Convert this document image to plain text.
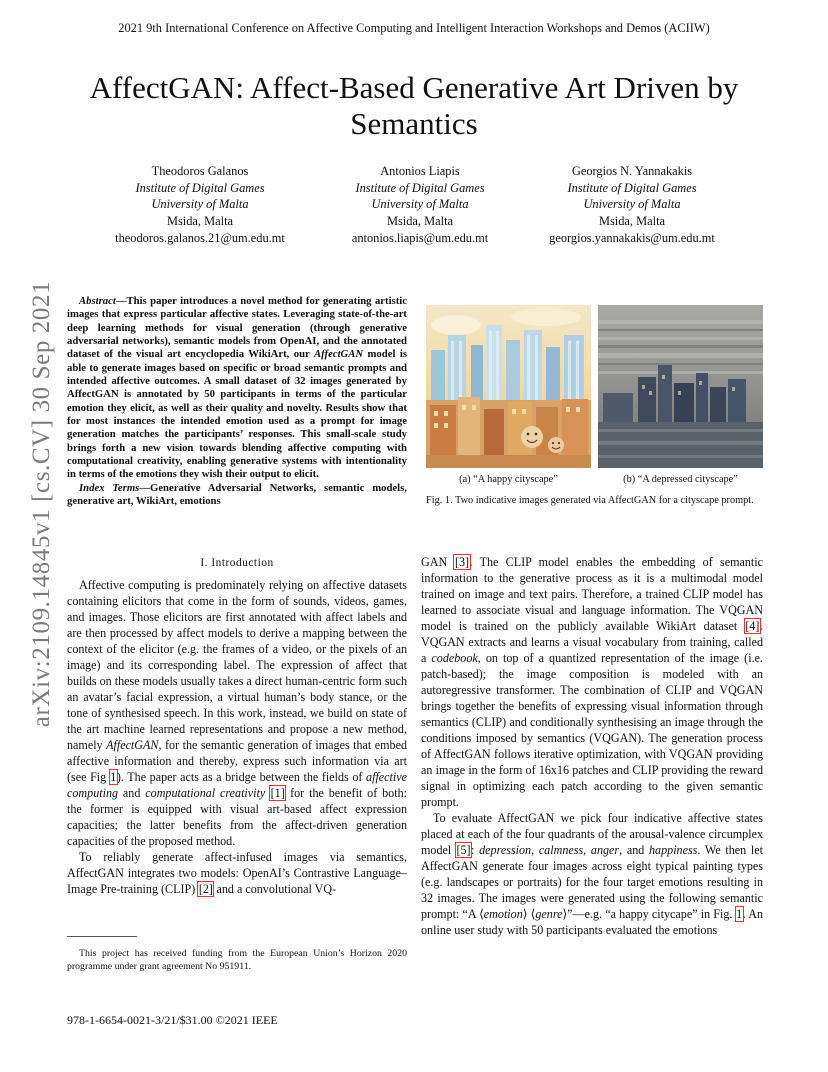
2021 9th International Conference on Affective Computing and Intelligent Interaction Workshops and Demos (ACIIW)
AffectGAN: Affect-Based Generative Art Driven by Semantics
Theodoros Galanos
Institute of Digital Games
University of Malta
Msida, Malta
theodoros.galanos.21@um.edu.mt
Antonios Liapis
Institute of Digital Games
University of Malta
Msida, Malta
antonios.liapis@um.edu.mt
Georgios N. Yannakakis
Institute of Digital Games
University of Malta
Msida, Malta
georgios.yannakakis@um.edu.mt
arXiv:2109.14845v1 [cs.CV] 30 Sep 2021	Abstract—This paper introduces a novel method for generating artistic images that express particular affective states. Leveraging state-of-the-art deep learning methods for visual generation (through generative adversarial networks), semantic models from OpenAI, and the annotated dataset of the visual art encyclopedia WikiArt, our AffectGAN model is able to generate images based on specific or broad semantic prompts and intended affective outcomes. A small dataset of 32 images generated by AffectGAN is annotated by 50 participants in terms of the particular emotion they elicit, as well as their quality and novelty. Results show that for most instances the intended emotion used as a prompt for image generation matches the participants’ responses. This small-scale study brings forth a new vision towards blending affective computing with computational creativity, enabling generative systems with intentionality in terms of the emotions they wish their output to elicit.

Index Terms—Generative Adversarial Networks, semantic models, generative art, WikiArt, emotions

I. Introduction

Affective computing is predominately relying on affective datasets containing elicitors that come in the form of sounds, videos, games, and images. Those elicitors are first annotated with affect labels and are then processed by affect models to derive a mapping between the context of the elicitor (e.g. the frames of a video, or the pixels of an image) and its corresponding label. The expression of affect that builds on these models usually takes a direct human-centric form such an avatar’s facial expression, a virtual human’s body stance, or the tone of synthesised speech. In this work, instead, we build on state of the art machine learned representations and propose a new method, namely AffectGAN, for the semantic generation of images that embed affective information and thereby, express such information via art (see Fig 1). The paper acts as a bridge between the fields of affective computing and computational creativity [1] for the benefit of both: the former is equipped with visual art-based affect expression capacities; the latter benefits from the affect-driven generation capacities of the proposed method.

To reliably generate affect-infused images via semantics, AffectGAN integrates two models: OpenAI’s Contrastive Language–Image Pre-training (CLIP) [2] and a convolutional VQ-

This project has received funding from the European Union’s Horizon 2020 programme under grant agreement No 951911.
978-1-6654-0021-3/21/$31.00 ©2021 IEEE
(a) “A happy cityscape”	(b) “A depressed cityscape”
Fig. 1. Two indicative images generated via AffectGAN for a cityscape prompt.

GAN [3]. The CLIP model enables the embedding of semantic information to the generative process as it is a multimodal model trained on image and text pairs. Therefore, a trained CLIP model has learned to associate visual and language information. The VQGAN model is trained on the publicly available WikiArt dataset [4]. VQGAN extracts and learns a visual vocabulary from training, called a codebook, on top of a quantized representation of the image (i.e. patch-based); the image composition is modeled with an autoregressive transformer. The combination of CLIP and VQGAN brings together the benefits of expressing visual information through semantics (CLIP) and conditionally synthesising an image through the conditions imposed by semantics (VQGAN). The generation process of AffectGAN follows iterative optimization, with VQGAN providing an image in the form of 16x16 patches and CLIP providing the reward signal in optimizing each patch according to the given semantic prompt.

To evaluate AffectGAN we pick four indicative affective states placed at each of the four quadrants of the arousal-valence circumplex model [5]: depression, calmness, anger, and happiness. We then let AffectGAN generate four images across eight typical painting types (e.g. landscapes or portraits) for the four target emotions resulting in 32 images. The images were generated using the following semantic prompt: “A ⟨emotion⟩ ⟨genre⟩”—e.g. “a happy citycape” in Fig. 1. An online user study with 50 participants evaluated the emotions
